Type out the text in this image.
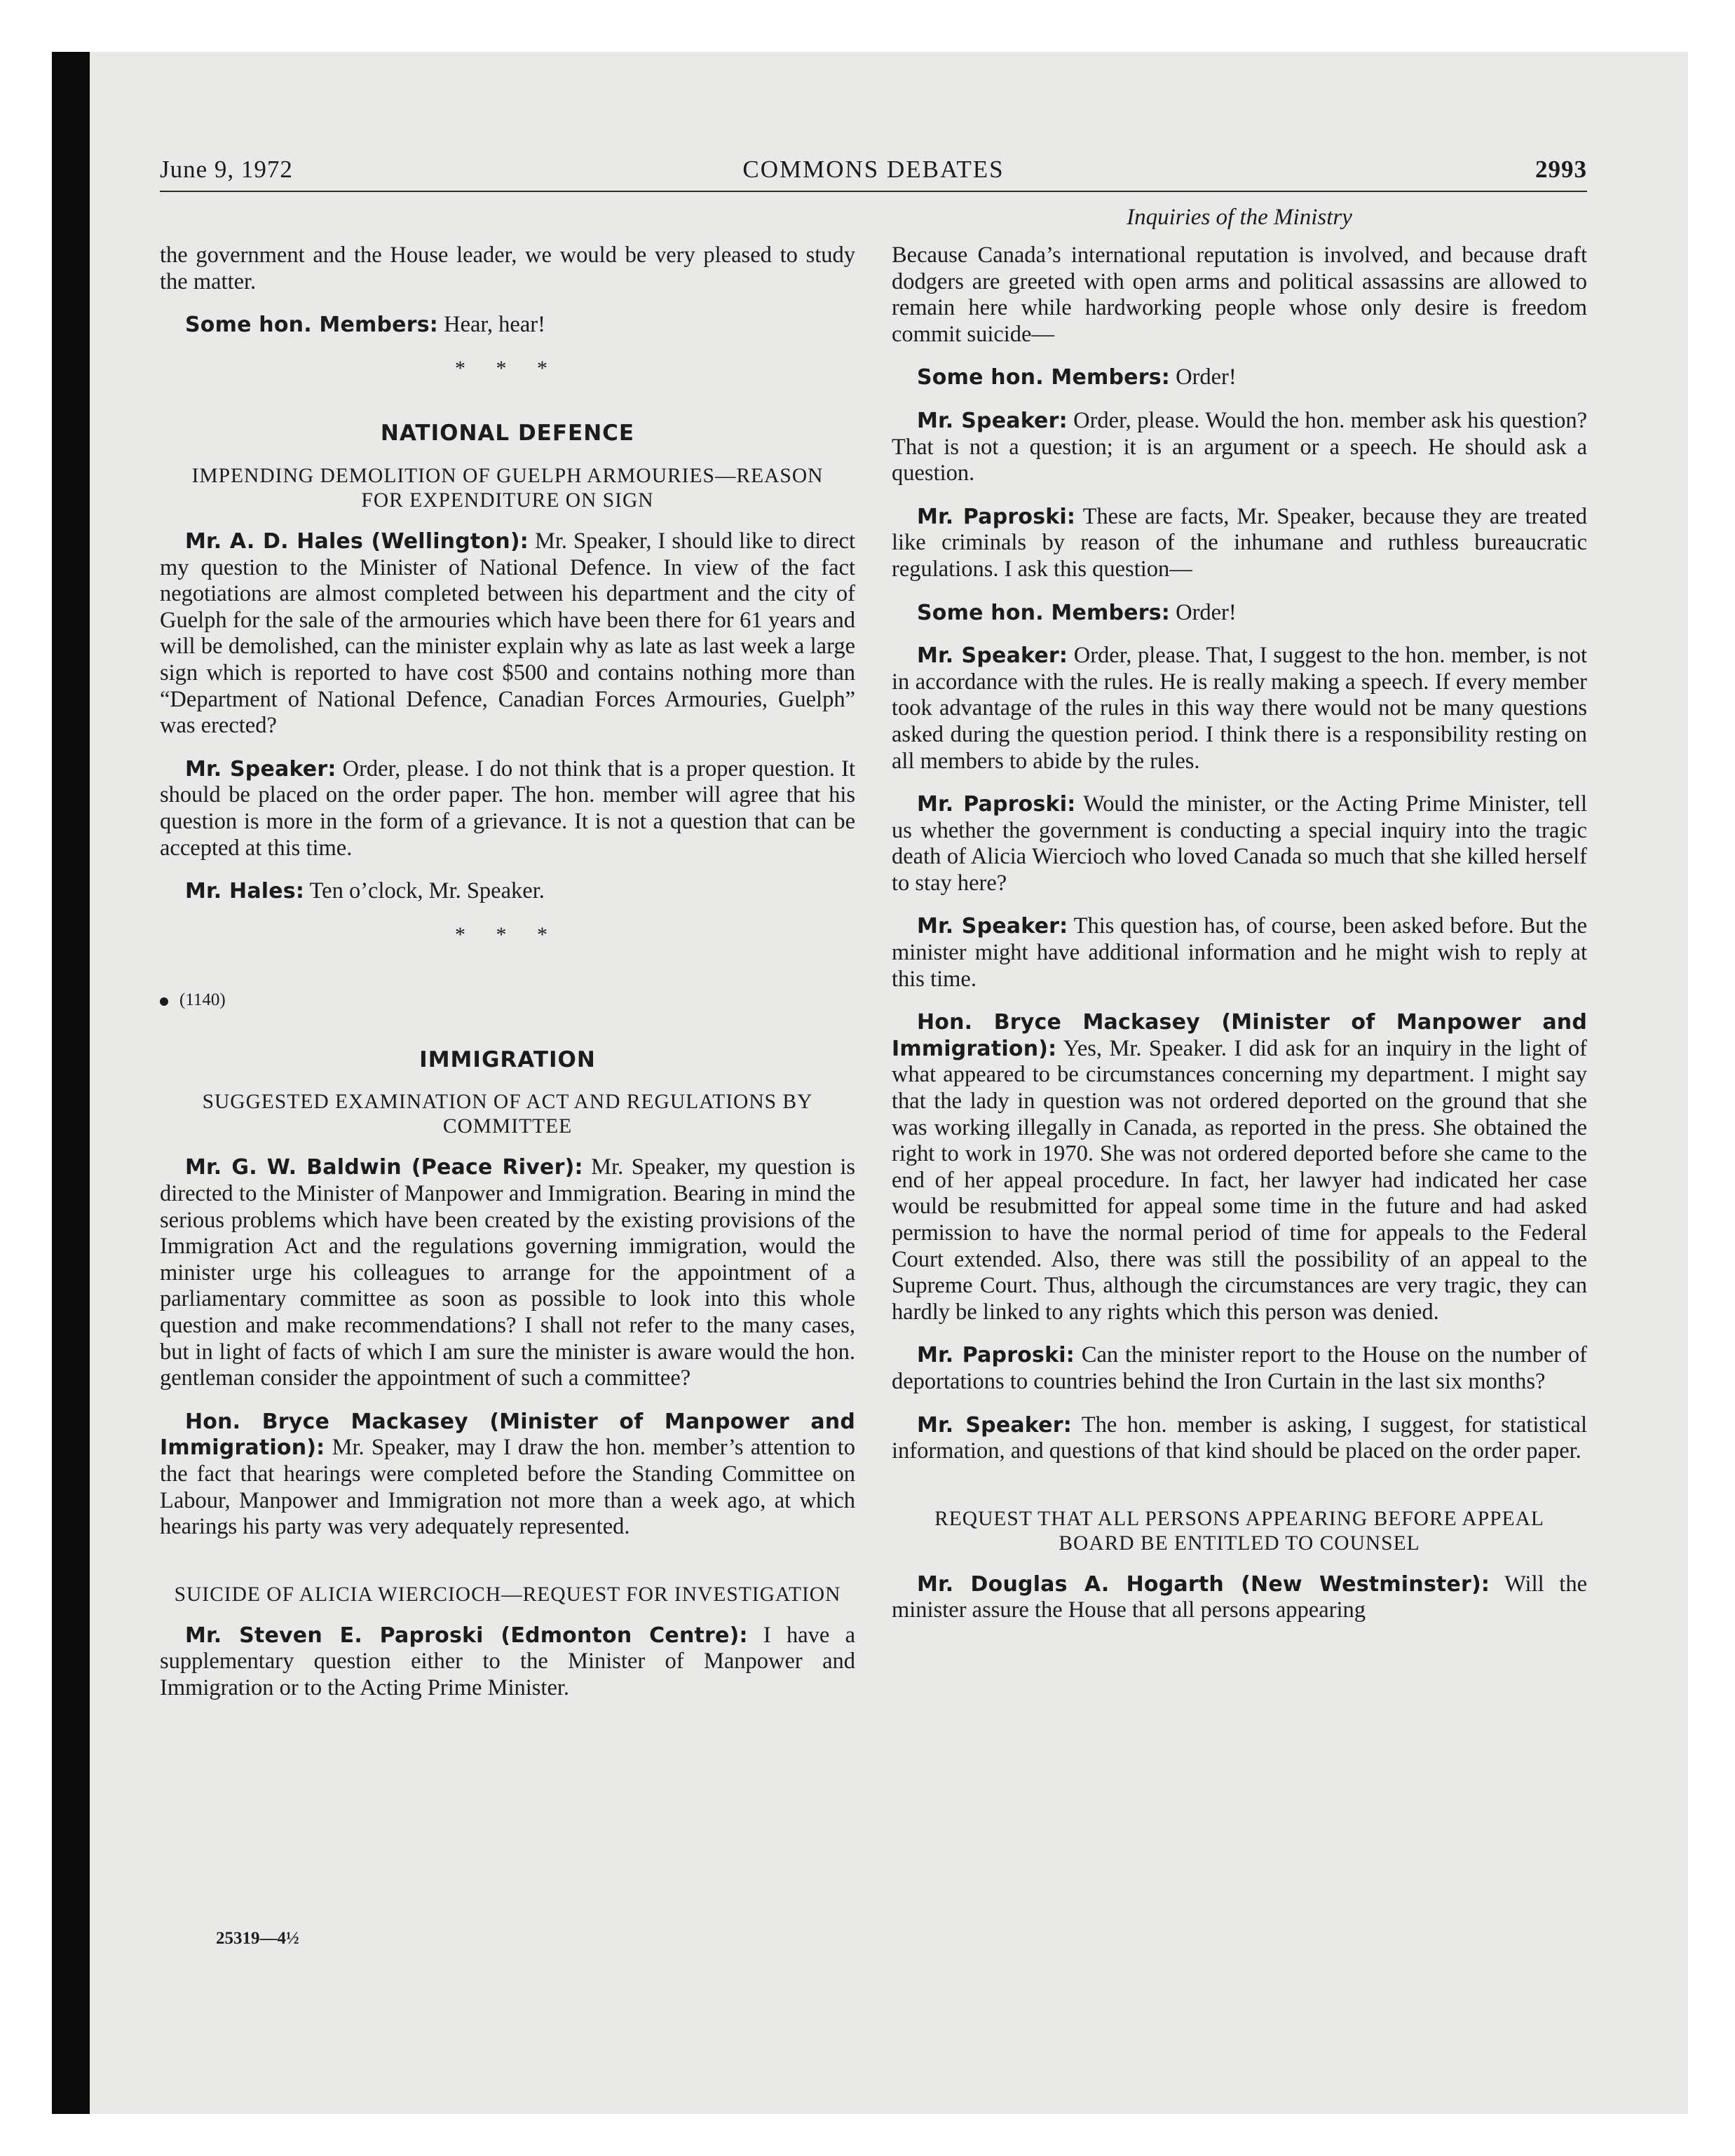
June 9, 1972	COMMONS DEBATES	2993
Inquiries of the Ministry

the government and the House leader, we would be very pleased to study the matter.

Some hon. Members: Hear, hear!

* * *
NATIONAL DEFENCE
IMPENDING DEMOLITION OF GUELPH ARMOURIES—REASON FOR EXPENDITURE ON SIGN

Mr. A. D. Hales (Wellington): Mr. Speaker, I should like to direct my question to the Minister of National Defence. In view of the fact negotiations are almost completed between his department and the city of Guelph for the sale of the armouries which have been there for 61 years and will be demolished, can the minister explain why as late as last week a large sign which is reported to have cost $500 and contains nothing more than “Department of National Defence, Canadian Forces Armouries, Guelph” was erected?

Mr. Speaker: Order, please. I do not think that is a proper question. It should be placed on the order paper. The hon. member will agree that his question is more in the form of a grievance. It is not a question that can be accepted at this time.

Mr. Hales: Ten o’clock, Mr. Speaker.

* * *
(1140)
IMMIGRATION
SUGGESTED EXAMINATION OF ACT AND REGULATIONS BY COMMITTEE

Mr. G. W. Baldwin (Peace River): Mr. Speaker, my question is directed to the Minister of Manpower and Immigration. Bearing in mind the serious problems which have been created by the existing provisions of the Immigration Act and the regulations governing immigration, would the minister urge his colleagues to arrange for the appointment of a parliamentary committee as soon as possible to look into this whole question and make recommendations? I shall not refer to the many cases, but in light of facts of which I am sure the minister is aware would the hon. gentleman consider the appointment of such a committee?

Hon. Bryce Mackasey (Minister of Manpower and Immigration): Mr. Speaker, may I draw the hon. member’s attention to the fact that hearings were completed before the Standing Committee on Labour, Manpower and Immigration not more than a week ago, at which hearings his party was very adequately represented.

SUICIDE OF ALICIA WIERCIOCH—REQUEST FOR INVESTIGATION

Mr. Steven E. Paproski (Edmonton Centre): I have a supplementary question either to the Minister of Manpower and Immigration or to the Acting Prime Minister.

Because Canada’s international reputation is involved, and because draft dodgers are greeted with open arms and political assassins are allowed to remain here while hardworking people whose only desire is freedom commit suicide—

Some hon. Members: Order!

Mr. Speaker: Order, please. Would the hon. member ask his question? That is not a question; it is an argument or a speech. He should ask a question.

Mr. Paproski: These are facts, Mr. Speaker, because they are treated like criminals by reason of the inhumane and ruthless bureaucratic regulations. I ask this question—

Some hon. Members: Order!

Mr. Speaker: Order, please. That, I suggest to the hon. member, is not in accordance with the rules. He is really making a speech. If every member took advantage of the rules in this way there would not be many questions asked during the question period. I think there is a responsibility resting on all members to abide by the rules.

Mr. Paproski: Would the minister, or the Acting Prime Minister, tell us whether the government is conducting a special inquiry into the tragic death of Alicia Wiercioch who loved Canada so much that she killed herself to stay here?

Mr. Speaker: This question has, of course, been asked before. But the minister might have additional information and he might wish to reply at this time.

Hon. Bryce Mackasey (Minister of Manpower and Immigration): Yes, Mr. Speaker. I did ask for an inquiry in the light of what appeared to be circumstances concerning my department. I might say that the lady in question was not ordered deported on the ground that she was working illegally in Canada, as reported in the press. She obtained the right to work in 1970. She was not ordered deported before she came to the end of her appeal procedure. In fact, her lawyer had indicated her case would be resubmitted for appeal some time in the future and had asked permission to have the normal period of time for appeals to the Federal Court extended. Also, there was still the possibility of an appeal to the Supreme Court. Thus, although the circumstances are very tragic, they can hardly be linked to any rights which this person was denied.

Mr. Paproski: Can the minister report to the House on the number of deportations to countries behind the Iron Curtain in the last six months?

Mr. Speaker: The hon. member is asking, I suggest, for statistical information, and questions of that kind should be placed on the order paper.

REQUEST THAT ALL PERSONS APPEARING BEFORE APPEAL BOARD BE ENTITLED TO COUNSEL

Mr. Douglas A. Hogarth (New Westminster): Will the minister assure the House that all persons appearing

25319—4½
